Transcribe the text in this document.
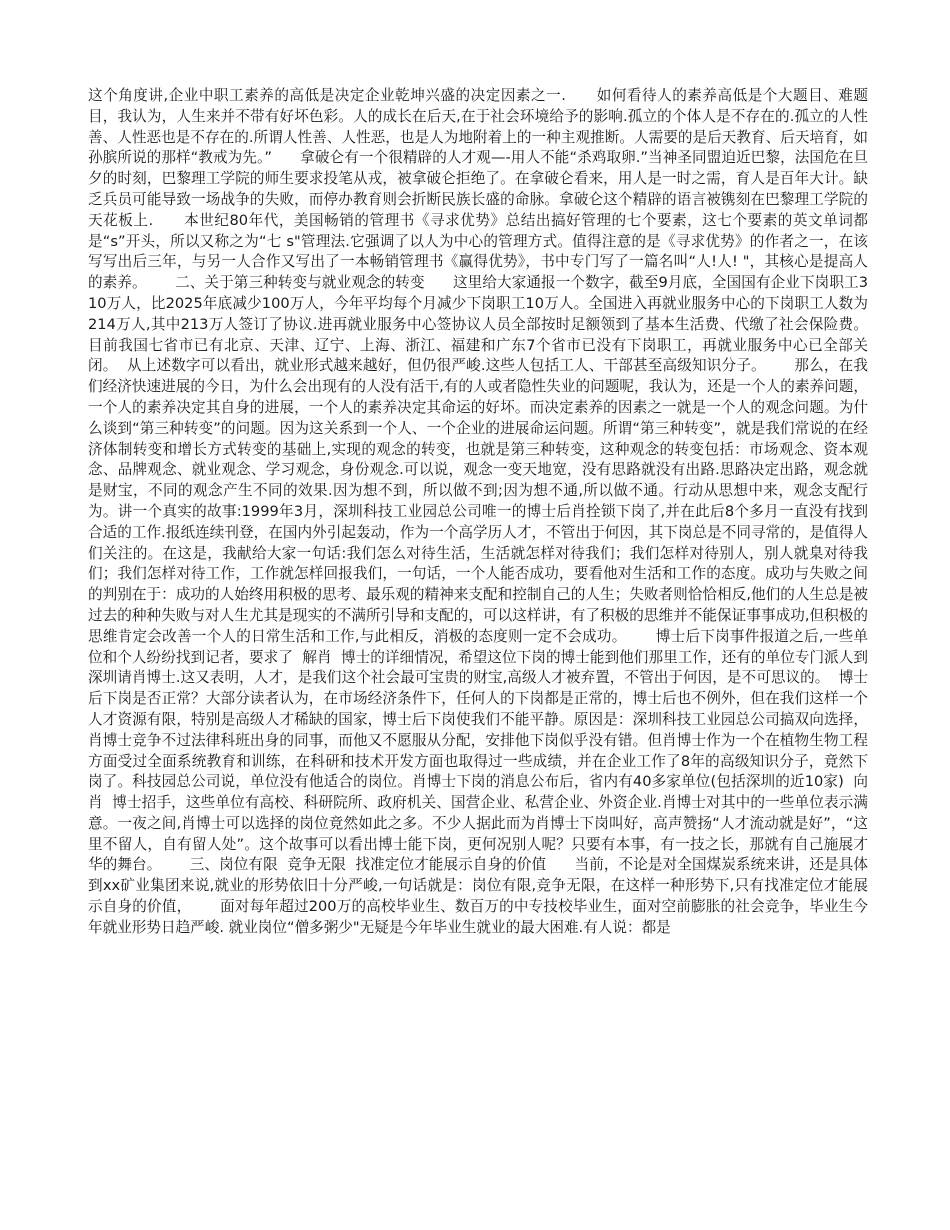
这个角度讲,企业中职工素养的高低是决定企业乾坤兴盛的决定因素之一.      如何看待人的素养高低是个大题目、难题目，我认为，人生来并不带有好坏色彩。人的成长在后天,在于社会环境给予的影响.孤立的个体人是不存在的.孤立的人性善、人性恶也是不存在的.所谓人性善、人性恶，也是人为地附着上的一种主观推断。人需要的是后天教育、后天培育，如孙膑所说的那样“教戒为先。”      拿破仑有一个很精辟的人才观—-用人不能“杀鸡取卵.”当神圣同盟迫近巴黎，法国危在旦夕的时刻，巴黎理工学院的师生要求投笔从戎，被拿破仑拒绝了。在拿破仑看来，用人是一时之需，育人是百年大计。缺乏兵员可能导致一场战争的失败，而停办教育则会折断民族长盛的命脉。拿破仑这个精辟的语言被镌刻在巴黎理工学院的天花板上.      本世纪80年代，美国畅销的管理书《寻求优势》总结出搞好管理的七个要素，这七个要素的英文单词都是“s”开头，所以又称之为“七 s"管理法.它强调了以人为中心的管理方式。值得注意的是《寻求优势》的作者之一，在该写写出后三年，与另一人合作又写出了一本畅销管理书《赢得优势》，书中专门写了一篇名叫“人!人! "，其核心是提高人的素养。      二、关于第三种转变与就业观念的转变      这里给大家通报一个数字，截至9月底，全国国有企业下岗职工310万人，比2025年底减少100万人，今年平均每个月减少下岗职工10万人。全国进入再就业服务中心的下岗职工人数为214万人,其中213万人签订了协议.进再就业服务中心签协议人员全部按时足额领到了基本生活费、代缴了社会保险费。  目前我国七省市已有北京、天津、辽宁、上海、浙江、福建和广东7个省市已没有下岗职工，再就业服务中心已全部关闭。  从上述数字可以看出，就业形式越来越好，但仍很严峻.这些人包括工人、干部甚至高级知识分子。      那么，在我们经济快速进展的今日，为什么会出现有的人没有活干,有的人或者隐性失业的问题呢，我认为，还是一个人的素养问题，一个人的素养决定其自身的进展，一个人的素养决定其命运的好坏。而决定素养的因素之一就是一个人的观念问题。为什么谈到“第三种转变”的问题。因为这关系到一个人、一个企业的进展命运问题。所谓“第三种转变”，就是我们常说的在经济体制转变和增长方式转变的基础上,实现的观念的转变，也就是第三种转变，这种观念的转变包括：市场观念、资本观念、品牌观念、就业观念、学习观念，身份观念.可以说，观念一变天地宽，没有思路就没有出路.思路决定出路，观念就是财宝，不同的观念产生不同的效果.因为想不到，所以做不到;因为想不通,所以做不通。行动从思想中来，观念支配行为。讲一个真实的故事:1999年3月，深圳科技工业园总公司唯一的博士后肖拴锁下岗了,并在此后8个多月一直没有找到合适的工作.报纸连续刊登，在国内外引起轰动，作为一个高学历人才，不管出于何因，其下岗总是不同寻常的，是值得人们关注的。在这是，我献给大家一句话:我们怎么对待生活，生活就怎样对待我们；我们怎样对待别人，别人就臬对待我们；我们怎样对待工作，工作就怎样回报我们，一句话，一个人能否成功，要看他对生活和工作的态度。成功与失败之间的判别在于：成功的人始终用积极的思考、最乐观的精神来支配和控制自己的人生；失败者则恰恰相反,他们的人生总是被过去的种种失败与对人生尤其是现实的不满所引导和支配的，可以这样讲，有了积极的思维并不能保证事事成功,但积极的思维肯定会改善一个人的日常生活和工作,与此相反，消极的态度则一定不会成功。      博士后下岗事件报道之后,一些单位和个人纷纷找到记者，要求了  解肖  博士的详细情况，希望这位下岗的博士能到他们那里工作，还有的单位专门派人到深圳请肖博士.这又表明，人才，是我们这个社会最可宝贵的财宝,高级人才被弃置，不管出于何因，是不可思议的。  博士后下岗是否正常？大部分读者认为，在市场经济条件下，任何人的下岗都是正常的，博士后也不例外，但在我们这样一个人才资源有限，特别是高级人才稀缺的国家，博士后下岗使我们不能平静。原因是：深圳科技工业园总公司搞双向选择，肖博士竞争不过法律科班出身的同事，而他又不愿服从分配，安排他下岗似乎没有错。但肖博士作为一个在植物生物工程方面受过全面系统教育和训练，在科研和技术开发方面也取得过一些成绩，并在企业工作了8年的高级知识分子，竟然下岗了。科技园总公司说，单位没有他适合的岗位。肖博士下岗的消息公布后，省内有40多家单位(包括深圳的近10家)  向肖  博士招手，这些单位有高校、科研院所、政府机关、国营企业、私营企业、外资企业.肖博士对其中的一些单位表示满意。一夜之间,肖博士可以选择的岗位竟然如此之多。不少人据此而为肖博士下岗叫好，高声赞扬“人才流动就是好”，“这里不留人，自有留人处”。这个故事可以看出博士能下岗，更何况别人呢？只要有本事，有一技之长，那就有自己施展才华的舞台。      三、岗位有限  竞争无限  找准定位才能展示自身的价值      当前，不论是对全国煤炭系统来讲，还是具体到xx矿业集团来说,就业的形势依旧十分严峻,一句话就是：岗位有限,竞争无限，在这样一种形势下,只有找准定位才能展示自身的价值，      面对每年超过200万的高校毕业生、数百万的中专技校毕业生，面对空前膨胀的社会竞争，毕业生今年就业形势日趋严峻. 就业岗位“僧多粥少"无疑是今年毕业生就业的最大困难.有人说：都是
